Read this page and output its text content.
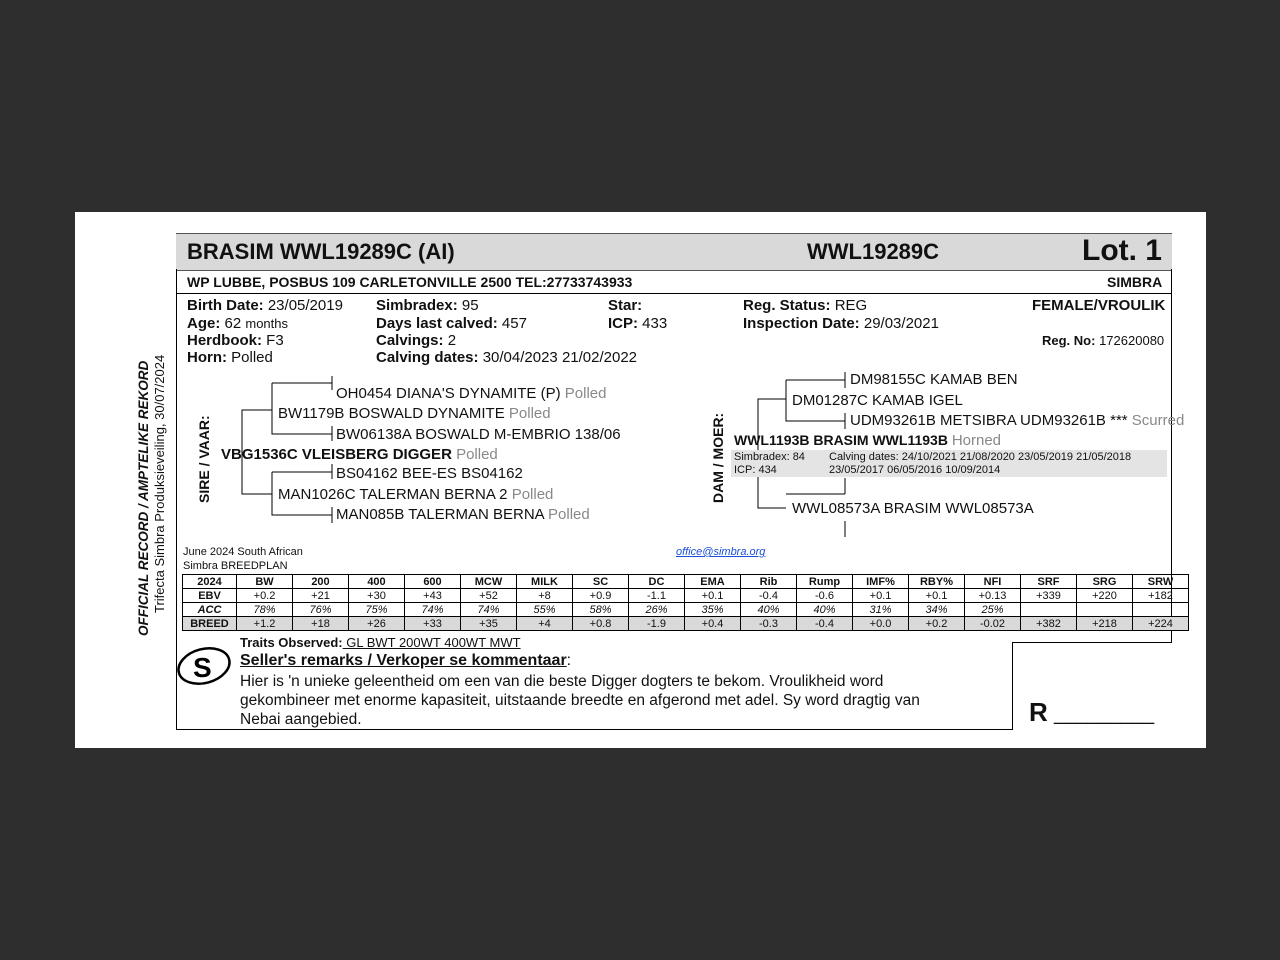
OFFICIAL RECORD / AMPTELIKE REKORD Trifecta Simbra Produksieveiling, 30/07/2024
BRASIM WWL19289C (AI)	WWL19289C	Lot. 1
WP LUBBE, POSBUS 109 CARLETONVILLE 2500 TEL:27733743933	SIMBRA
Birth Date: 23/05/2019
Age: 62 months
Herdbook: F3
Horn: Polled
Simbradex: 95
Days last calved: 457
Calvings: 2
Calving dates: 30/04/2023 21/02/2022
Star:
ICP: 433
Reg. Status: REG
Inspection Date: 29/03/2021
FEMALE/VROULIK
Reg. No: 172620080
SIRE / VAAR:
OH0454 DIANA'S DYNAMITE (P) Polled
BW1179B BOSWALD DYNAMITE Polled
BW06138A BOSWALD M-EMBRIO 138/06
VBG1536C VLEISBERG DIGGER Polled
BS04162 BEE-ES BS04162
MAN1026C TALERMAN BERNA 2 Polled
MAN085B TALERMAN BERNA Polled
DAM / MOER:
DM98155C KAMAB BEN
DM01287C KAMAB IGEL
UDM93261B METSIBRA UDM93261B *** Scurred
WWL1193B BRASIM WWL1193B Horned
Simbradex: 84
ICP: 434
Calving dates: 24/10/2021 21/08/2020 23/05/2019 21/05/2018
23/05/2017 06/05/2016 10/09/2014
WWL08573A BRASIM WWL08573A
June 2024 South African
Simbra BREEDPLAN
office@simbra.org
2024	BW	200	400	600	MCW	MILK	SC	DC	EMA	Rib	Rump	IMF%	RBY%	NFI	SRF	SRG	SRW
EBV	+0.2	+21	+30	+43	+52	+8	+0.9	-1.1	+0.1	-0.4	-0.6	+0.1	+0.1	+0.13	+339	+220	+182
ACC	78%	76%	75%	74%	74%	55%	58%	26%	35%	40%	40%	31%	34%	25%			
BREED	+1.2	+18	+26	+33	+35	+4	+0.8	-1.9	+0.4	-0.3	-0.4	+0.0	+0.2	-0.02	+382	+218	+224
Traits Observed: GL BWT 200WT 400WT MWT
S Seller's remarks / Verkoper se kommentaar:
Hier is 'n unieke geleentheid om een van die beste Digger dogters te bekom. Vroulikheid word
gekombineer met enorme kapasiteit, uitstaande breedte en afgerond met adel. Sy word dragtig van
Nebai aangebied.	R _________
